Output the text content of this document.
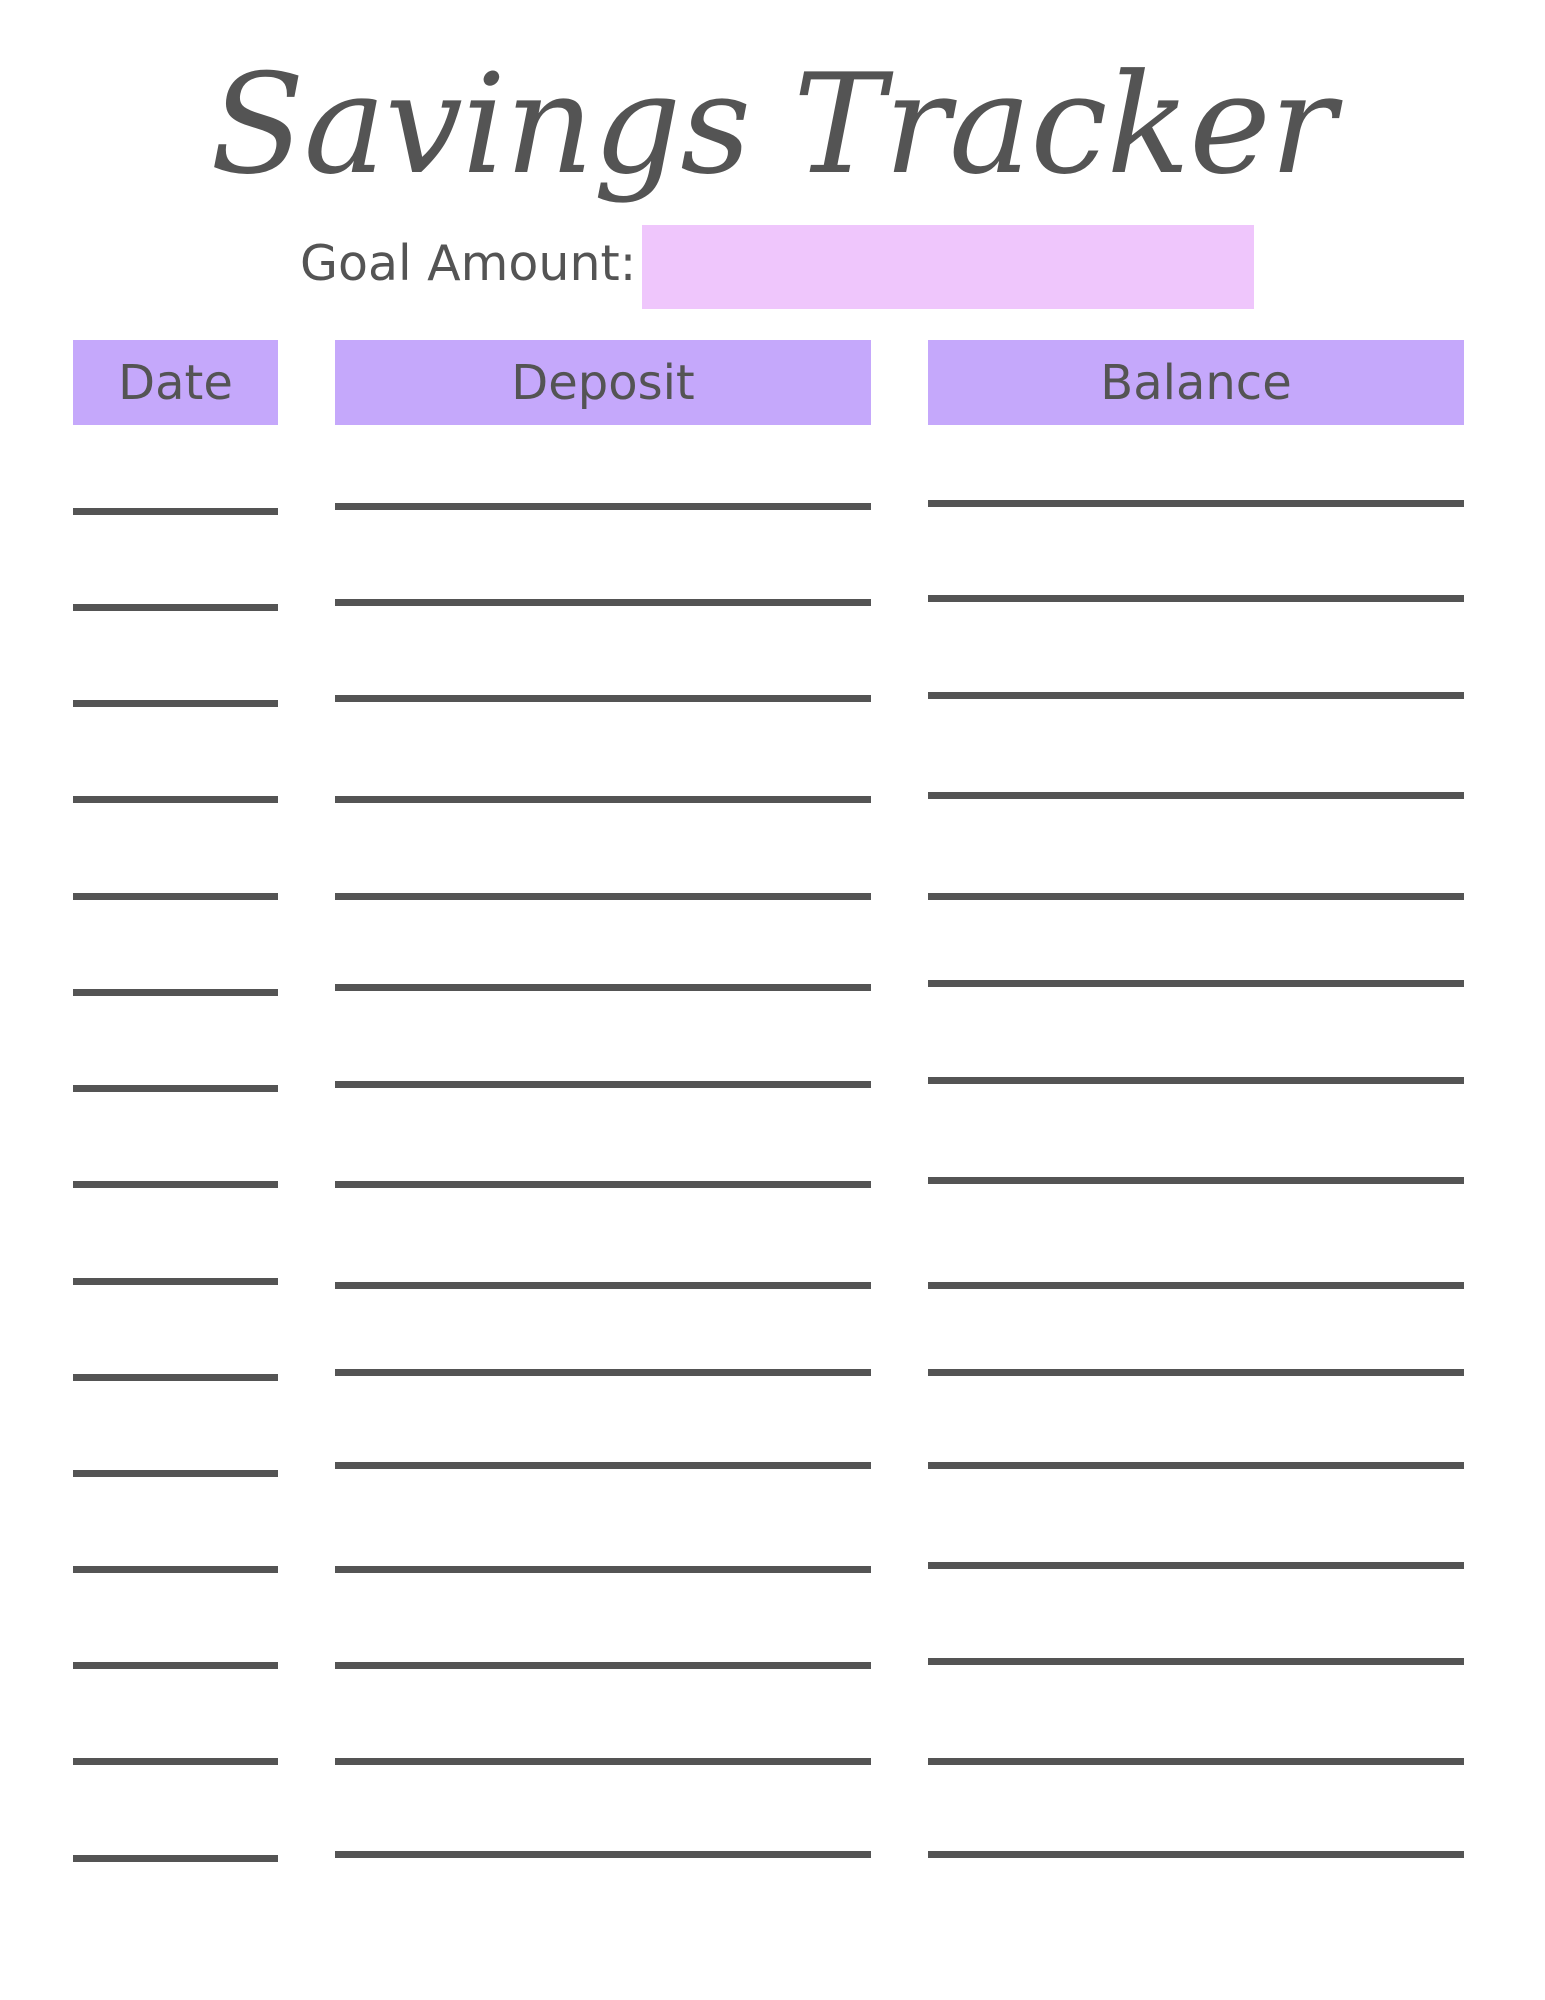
Savings Tracker
Goal Amount:
Date	Deposit	Balance
